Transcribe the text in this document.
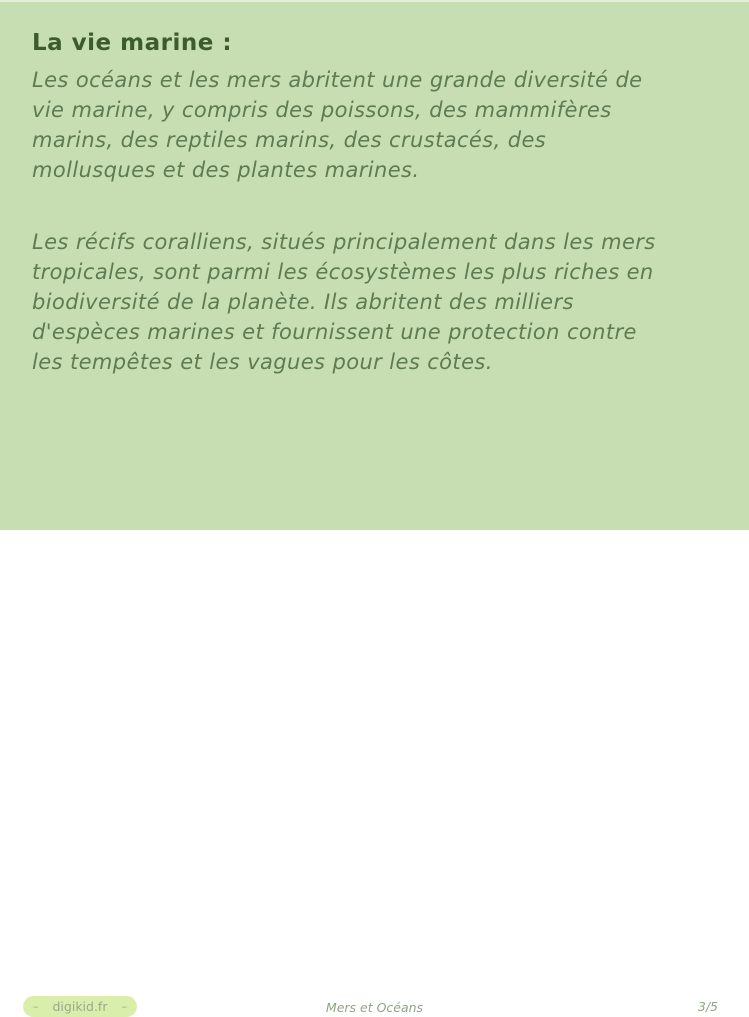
La vie marine :
Les océans et les mers abritent une grande diversité de
vie marine, y compris des poissons, des mammifères
marins, des reptiles marins, des crustacés, des
mollusques et des plantes marines.
Les récifs coralliens, situés principalement dans les mers
tropicales, sont parmi les écosystèmes les plus riches en
biodiversité de la planète. Ils abritent des milliers
d'espèces marines et fournissent une protection contre
les tempêtes et les vagues pour les côtes.
– digikid.fr –	Mers et Océans	3/5
